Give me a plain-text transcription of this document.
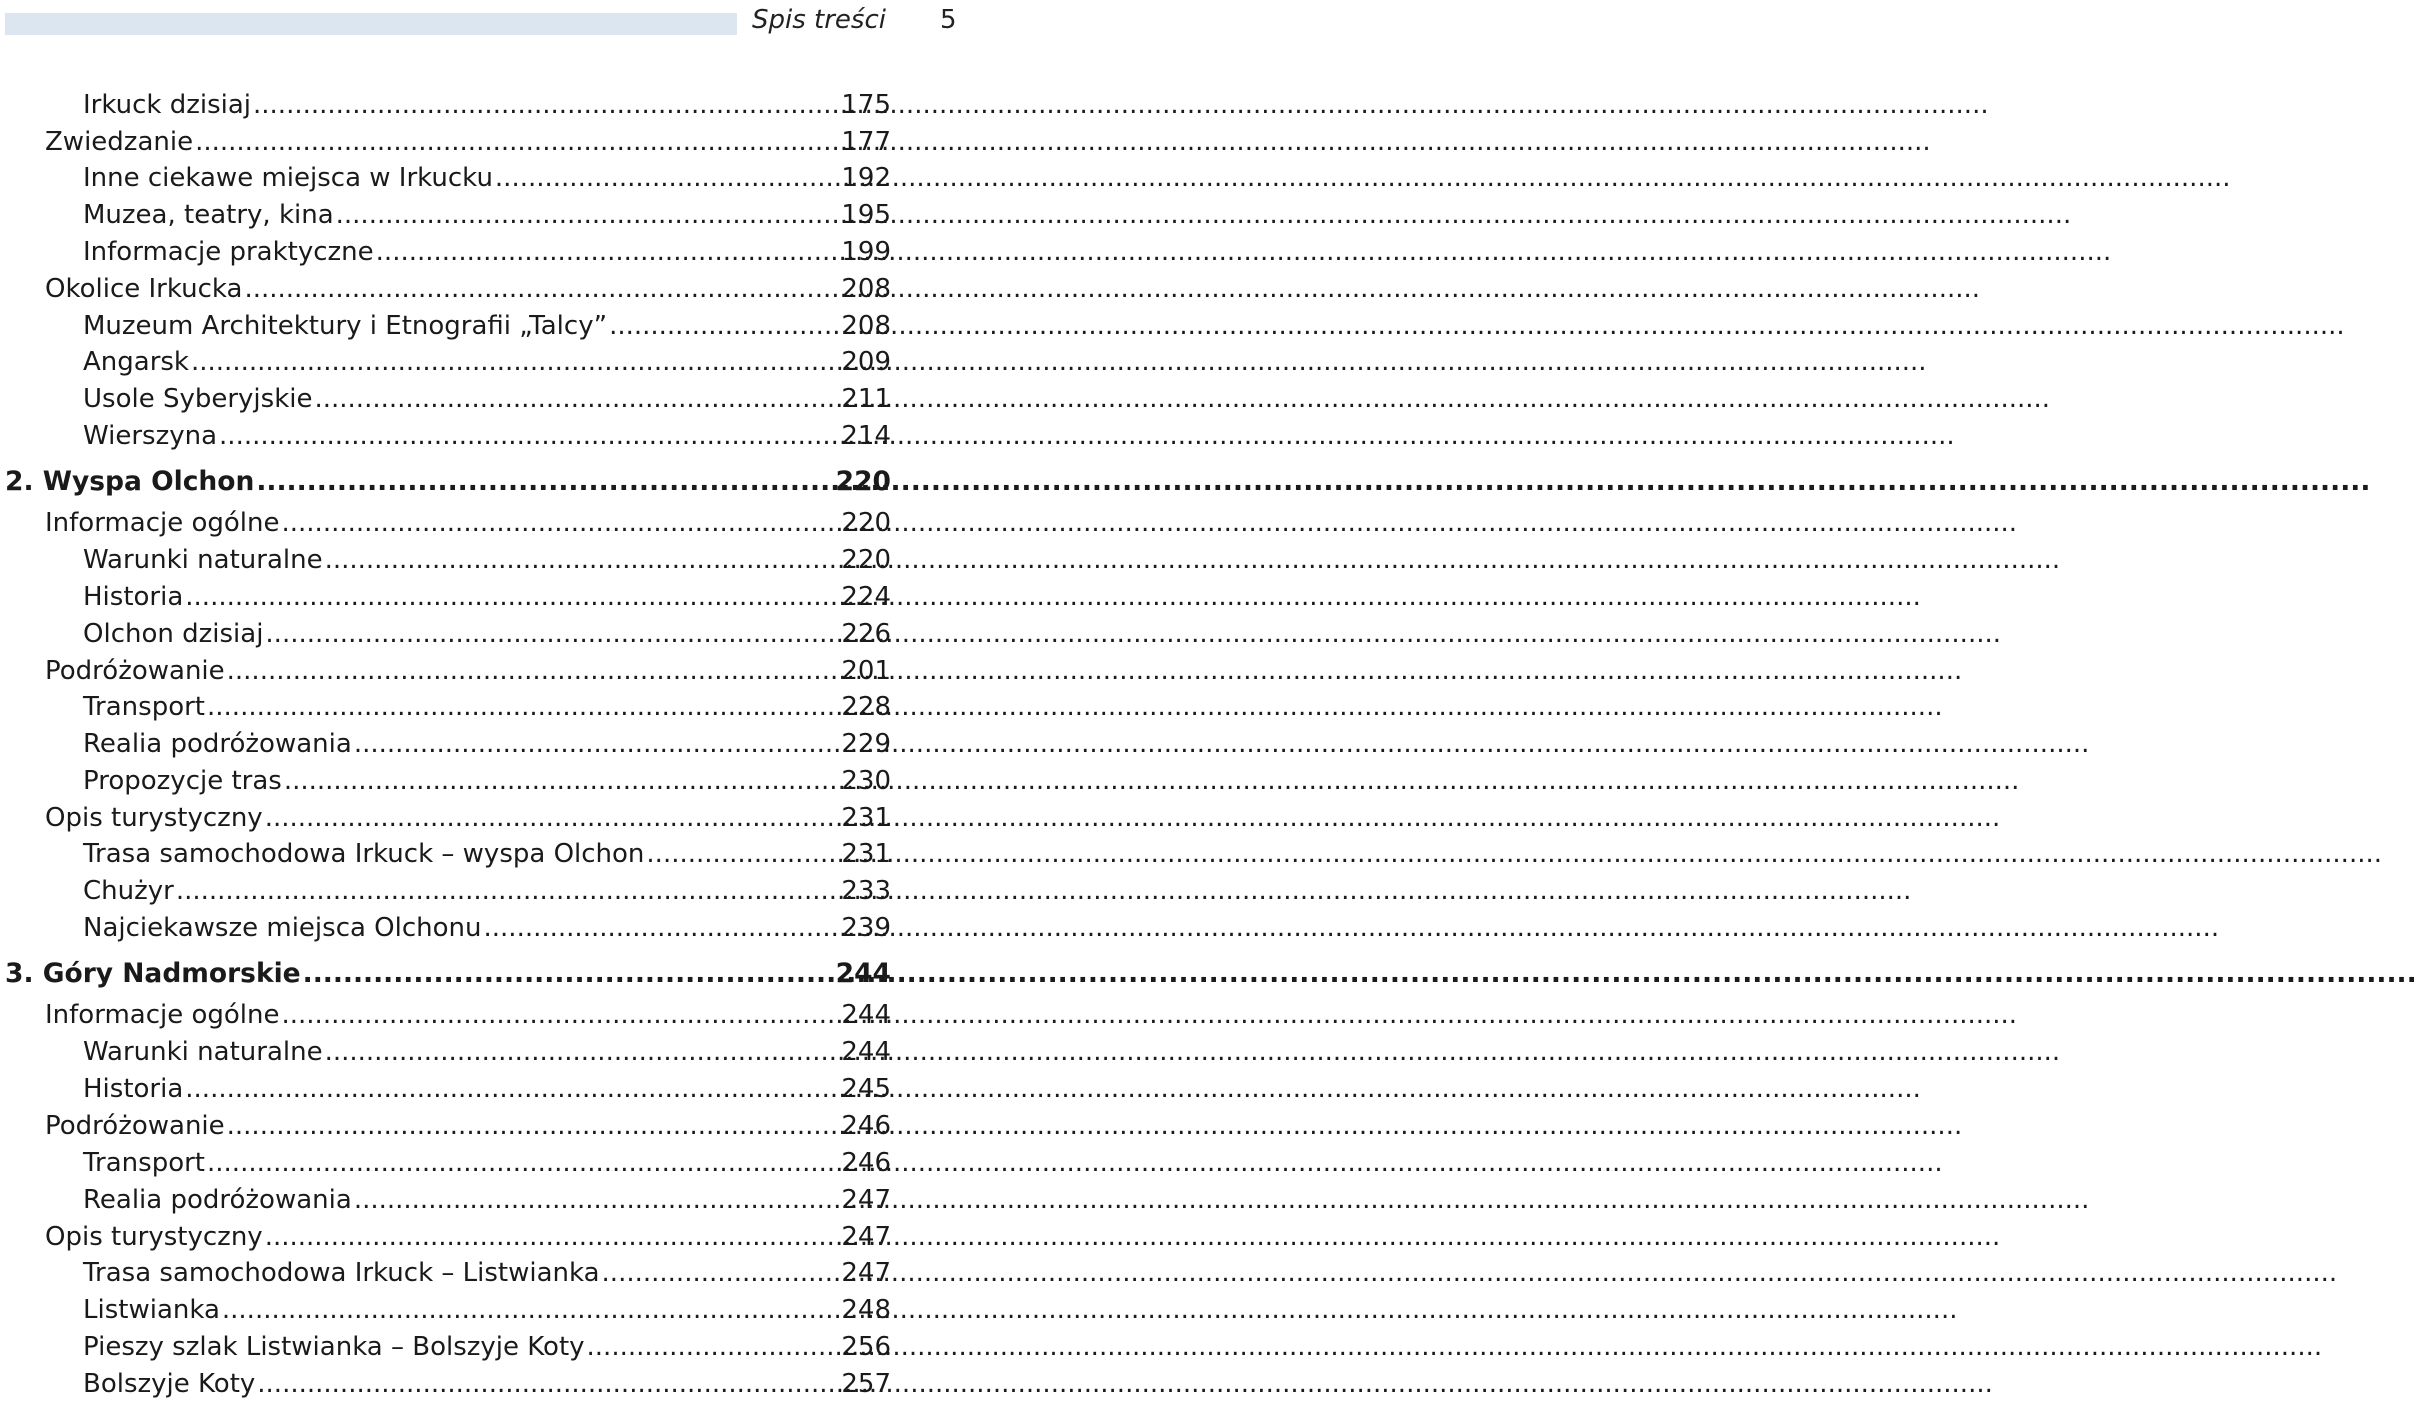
Spis treści 5
Irkuck dzisiaj .....	175
Zwiedzanie .....	177
Inne ciekawe miejsca w Irkucku .....	192
Muzea, teatry, kina .....	195
Informacje praktyczne .....	199
Okolice Irkucka .....	208
Muzeum Architektury i Etnografii „Talcy” .....	208
Angarsk .....	209
Usole Syberyjskie .....	211
Wierszyna .....	214
2. Wyspa Olchon .....	220
Informacje ogólne .....	220
Warunki naturalne .....	220
Historia .....	224
Olchon dzisiaj .....	226
Podróżowanie .....	201
Transport .....	228
Realia podróżowania .....	229
Propozycje tras .....	230
Opis turystyczny .....	231
Trasa samochodowa Irkuck – wyspa Olchon .....	231
Chużyr .....	233
Najciekawsze miejsca Olchonu .....	239
3. Góry Nadmorskie .....	244
Informacje ogólne .....	244
Warunki naturalne .....	244
Historia .....	245
Podróżowanie .....	246
Transport .....	246
Realia podróżowania .....	247
Opis turystyczny .....	247
Trasa samochodowa Irkuck – Listwianka .....	247
Listwianka .....	248
Pieszy szlak Listwianka – Bolszyje Koty .....	256
Bolszyje Koty .....	257
